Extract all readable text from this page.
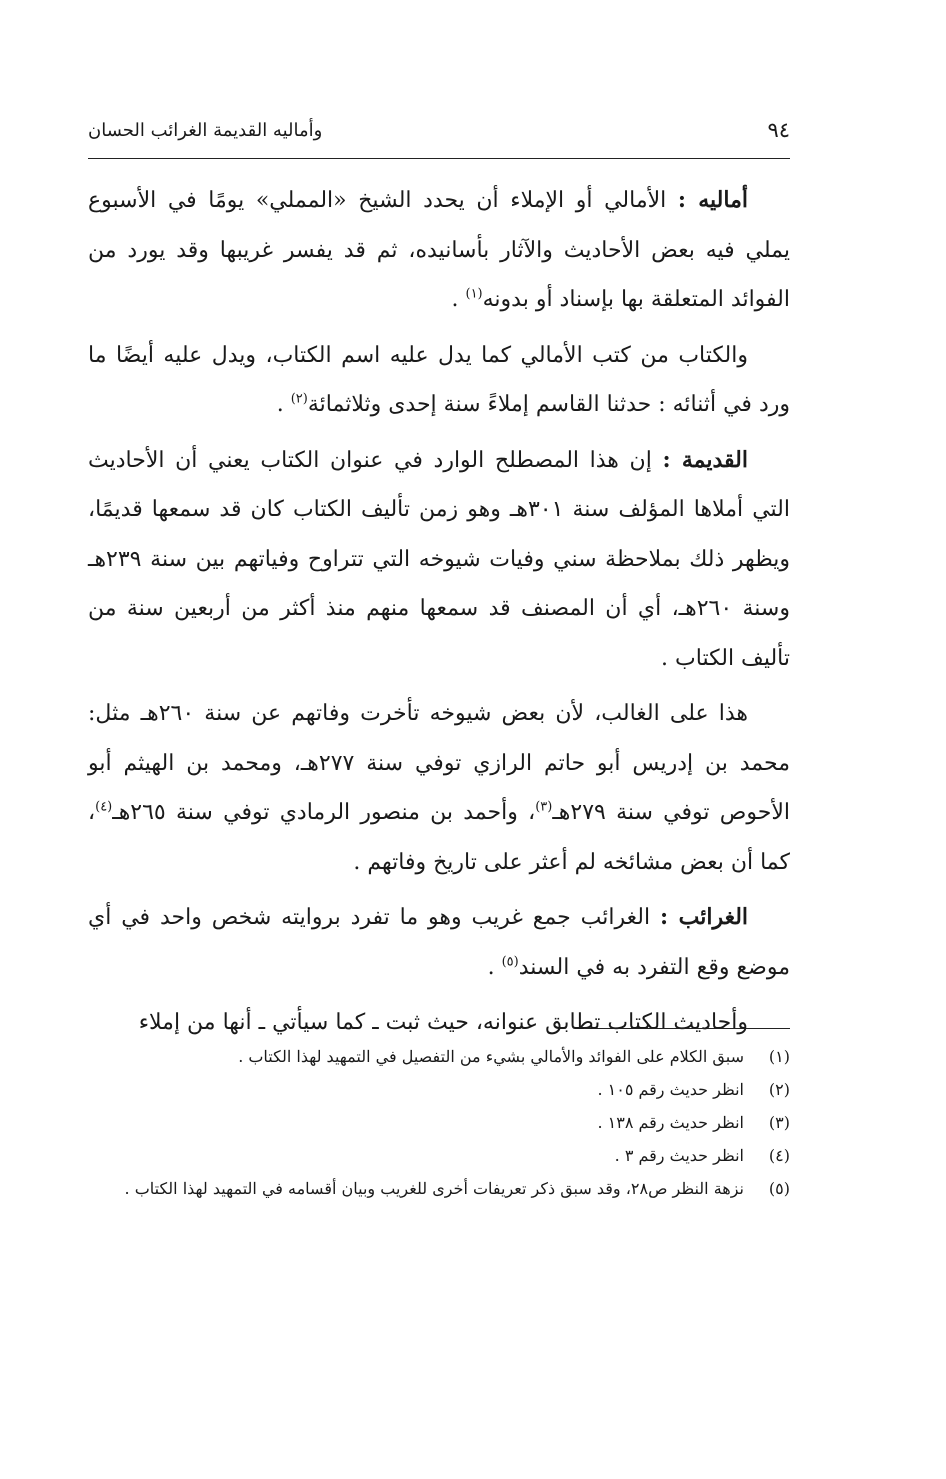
٩٤
وأماليه القديمة الغرائب الحسان

أماليه : الأمالي أو الإملاء أن يحدد الشيخ «المملي» يومًا في الأسبوع يملي فيه بعض الأحاديث والآثار بأسانيده، ثم قد يفسر غريبها وقد يورد من الفوائد المتعلقة بها بإسناد أو بدونه$^{(١)}$ .

والكتاب من كتب الأمالي كما يدل عليه اسم الكتاب، ويدل عليه أيضًا ما ورد في أثنائه : حدثنا القاسم إملاءً سنة إحدى وثلاثمائة$^{(٢)}$ .

القديمة : إن هذا المصطلح الوارد في عنوان الكتاب يعني أن الأحاديث التي أملاها المؤلف سنة ٣٠١هـ وهو زمن تأليف الكتاب كان قد سمعها قديمًا، ويظهر ذلك بملاحظة سني وفيات شيوخه التي تتراوح وفياتهم بين سنة ٢٣٩هـ وسنة ٢٦٠هـ، أي أن المصنف قد سمعها منهم منذ أكثر من أربعين سنة من تأليف الكتاب .

هذا على الغالب، لأن بعض شيوخه تأخرت وفاتهم عن سنة ٢٦٠هـ مثل: محمد بن إدريس أبو حاتم الرازي توفي سنة ٢٧٧هـ، ومحمد بن الهيثم أبو الأحوص توفي سنة ٢٧٩هـ$^{(٣)}$، وأحمد بن منصور الرمادي توفي سنة ٢٦٥هـ$^{(٤)}$، كما أن بعض مشائخه لم أعثر على تاريخ وفاتهم .

الغرائب : الغرائب جمع غريب وهو ما تفرد بروايته شخص واحد في أي موضع وقع التفرد به في السند$^{(٥)}$ .

وأحاديث الكتاب تطابق عنوانه، حيث ثبت ـ كما سيأتي ـ أنها من إملاء

(١)
سبق الكلام على الفوائد والأمالي بشيء من التفصيل في التمهيد لهذا الكتاب .
(٢)
انظر حديث رقم ١٠٥ .
(٣)
انظر حديث رقم ١٣٨ .
(٤)
انظر حديث رقم ٣ .
(٥)
نزهة النظر ص٢٨، وقد سبق ذكر تعريفات أخرى للغريب وبيان أقسامه في التمهيد لهذا الكتاب .
